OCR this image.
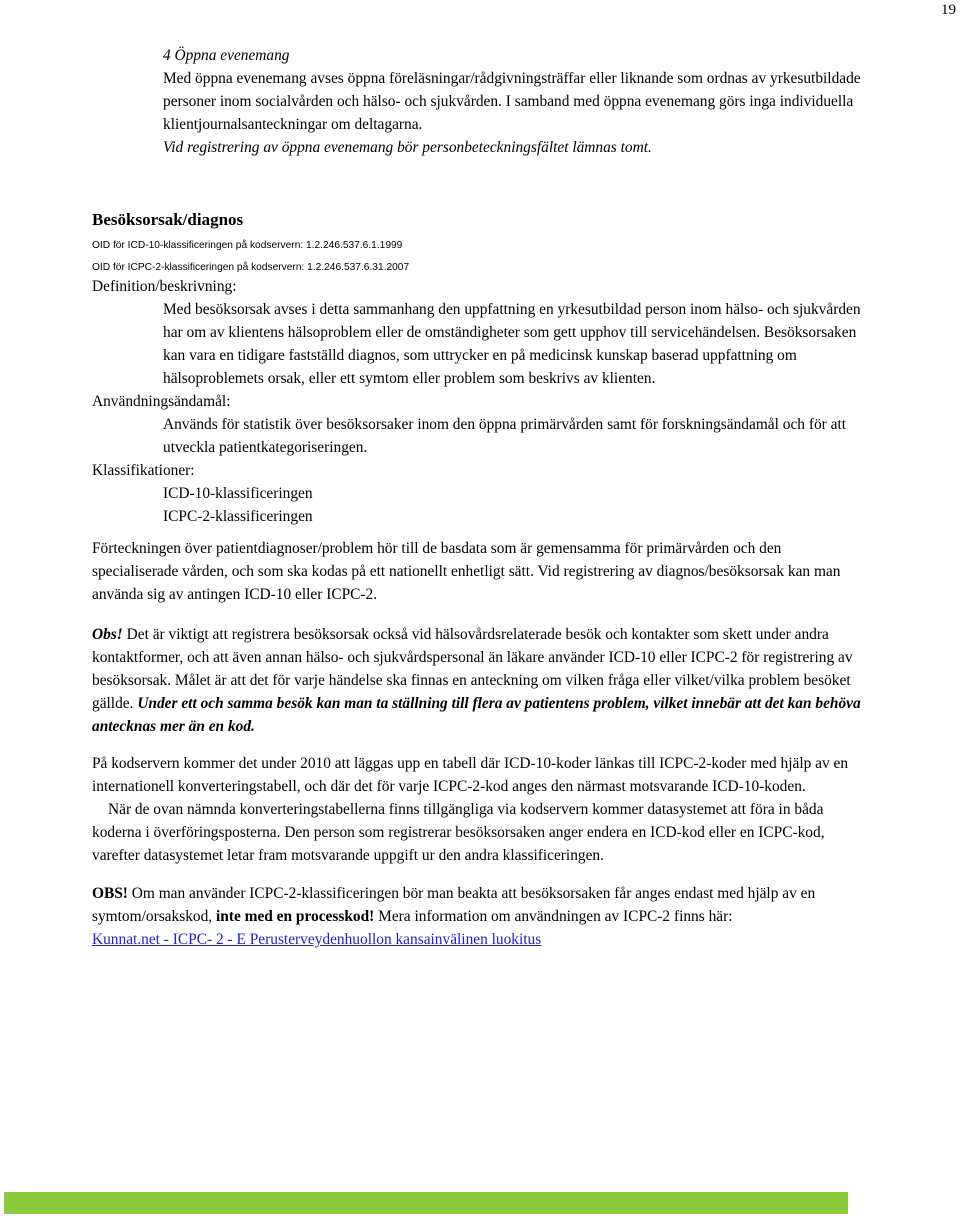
19
4 Öppna evenemang
Med öppna evenemang avses öppna föreläsningar/rådgivningsträffar eller liknande som ordnas av yrkesutbildade
personer inom socialvården och hälso- och sjukvården. I samband med öppna evenemang görs inga individuella
klientjournalsanteckningar om deltagarna.
Vid registrering av öppna evenemang bör personbeteckningsfältet lämnas tomt.
Besöksorsak/diagnos
OID för ICD-10-klassificeringen på kodservern: 1.2.246.537.6.1.1999
OID för ICPC-2-klassificeringen på kodservern: 1.2.246.537.6.31.2007
Definition/beskrivning:
Med besöksorsak avses i detta sammanhang den uppfattning en yrkesutbildad person inom hälso- och sjukvården
har om av klientens hälsoproblem eller de omständigheter som gett upphov till servicehändelsen. Besöksorsaken
kan vara en tidigare fastställd diagnos, som uttrycker en på medicinsk kunskap baserad uppfattning om
hälsoproblemets orsak, eller ett symtom eller problem som beskrivs av klienten.
Användningsändamål:
Används för statistik över besöksorsaker inom den öppna primärvården samt för forskningsändamål och för att
utveckla patientkategoriseringen.
Klassifikationer:
ICD-10-klassificeringen
ICPC-2-klassificeringen
Förteckningen över patientdiagnoser/problem hör till de basdata som är gemensamma för primärvården och den
specialiserade vården, och som ska kodas på ett nationellt enhetligt sätt. Vid registrering av diagnos/besöksorsak kan man
använda sig av antingen ICD-10 eller ICPC-2.
Obs! Det är viktigt att registrera besöksorsak också vid hälsovårdsrelaterade besök och kontakter som skett under andra
kontaktformer, och att även annan hälso- och sjukvårdspersonal än läkare använder ICD-10 eller ICPC-2 för registrering av
besöksorsak. Målet är att det för varje händelse ska finnas en anteckning om vilken fråga eller vilket/vilka problem besöket
gällde. Under ett och samma besök kan man ta ställning till flera av patientens problem, vilket innebär att det kan behöva
antecknas mer än en kod.
På kodservern kommer det under 2010 att läggas upp en tabell där ICD-10-koder länkas till ICPC-2-koder med hjälp av en
internationell konverteringstabell, och där det för varje ICPC-2-kod anges den närmast motsvarande ICD-10-koden.
När de ovan nämnda konverteringstabellerna finns tillgängliga via kodservern kommer datasystemet att föra in båda
koderna i överföringsposterna. Den person som registrerar besöksorsaken anger endera en ICD-kod eller en ICPC-kod,
varefter datasystemet letar fram motsvarande uppgift ur den andra klassificeringen.
OBS! Om man använder ICPC-2-klassificeringen bör man beakta att besöksorsaken får anges endast med hjälp av en
symtom/orsakskod, inte med en processkod! Mera information om användningen av ICPC-2 finns här:
Kunnat.net - ICPC- 2 - E Perusterveydenhuollon kansainvälinen luokitus
